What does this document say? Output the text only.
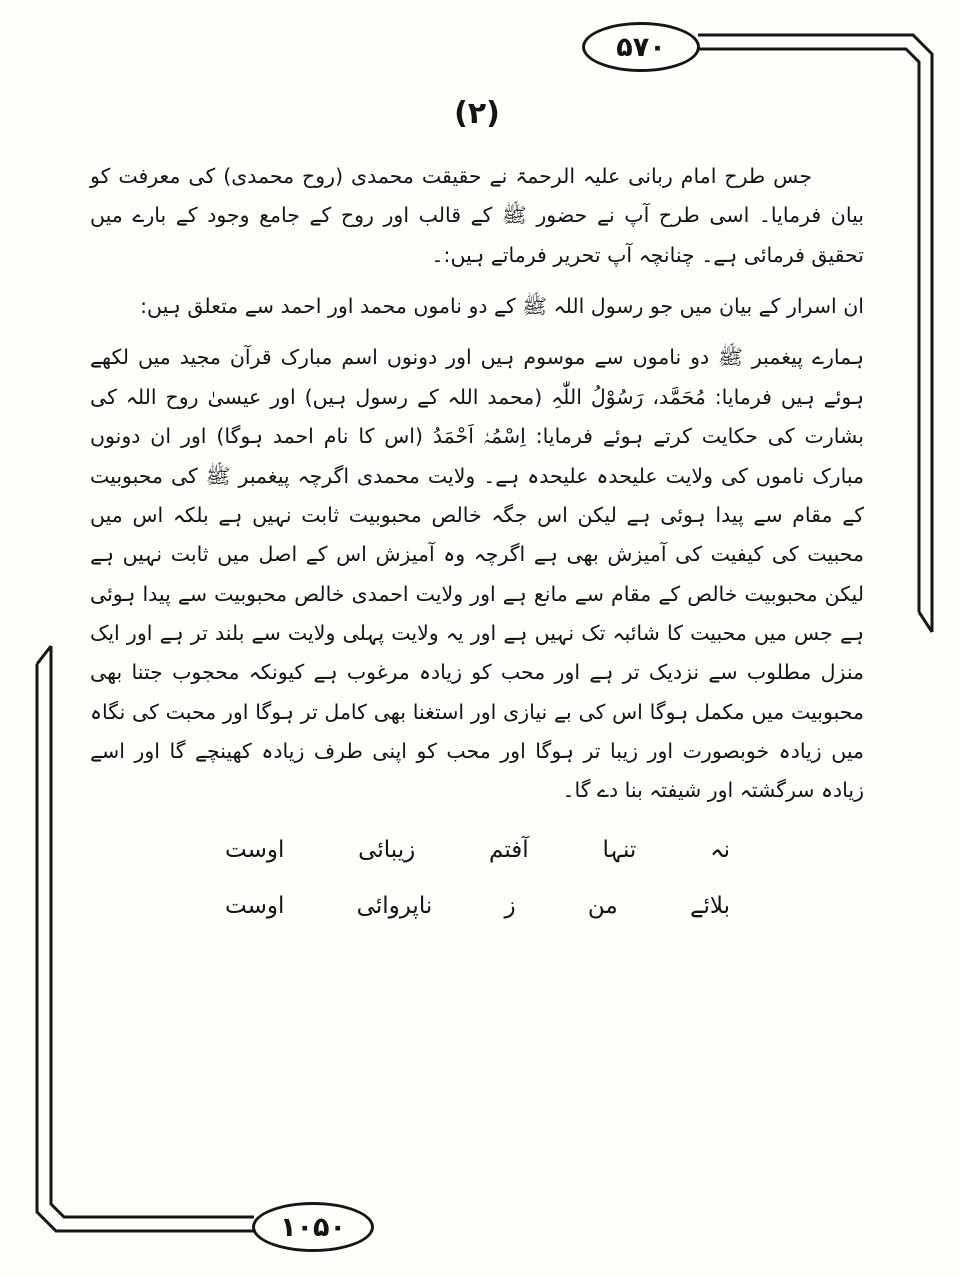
۵۷۰
۱۰۵۰
(۲)

جس طرح امام ربانی علیہ الرحمۃ نے حقیقت محمدی (روح محمدی) کی معرفت کو بیان فرمایا۔ اسی طرح آپ نے حضور ﷺ کے قالب اور روح کے جامع وجود کے بارے میں تحقیق فرمائی ہے۔ چنانچہ آپ تحریر فرماتے ہیں:۔

ان اسرار کے بیان میں جو رسول اللہ ﷺ کے دو ناموں محمد اور احمد سے متعلق ہیں:

ہمارے پیغمبر ﷺ دو ناموں سے موسوم ہیں اور دونوں اسم مبارک قرآن مجید میں لکھے ہوئے ہیں فرمایا: مُحَمَّد، رَسُوْلُ اللّٰہِ (محمد اللہ کے رسول ہیں) اور عیسیٰ روح اللہ کی بشارت کی حکایت کرتے ہوئے فرمایا: اِسْمُہٗ اَحْمَدُ (اس کا نام احمد ہوگا) اور ان دونوں مبارک ناموں کی ولایت علیحدہ علیحدہ ہے۔ ولایت محمدی اگرچہ پیغمبر ﷺ کی محبوبیت کے مقام سے پیدا ہوئی ہے لیکن اس جگہ خالص محبوبیت ثابت نہیں ہے بلکہ اس میں محبیت کی کیفیت کی آمیزش بھی ہے اگرچہ وہ آمیزش اس کے اصل میں ثابت نہیں ہے لیکن محبوبیت خالص کے مقام سے مانع ہے اور ولایت احمدی خالص محبوبیت سے پیدا ہوئی ہے جس میں محبیت کا شائبہ تک نہیں ہے اور یہ ولایت پہلی ولایت سے بلند تر ہے اور ایک منزل مطلوب سے نزدیک تر ہے اور محب کو زیادہ مرغوب ہے کیونکہ محجوب جتنا بھی محبوبیت میں مکمل ہوگا اس کی بے نیازی اور استغنا بھی کامل تر ہوگا اور محبت کی نگاہ میں زیادہ خوبصورت اور زیبا تر ہوگا اور محب کو اپنی طرف زیادہ کھینچے گا اور اسے زیادہ سرگشتہ اور شیفتہ بنا دے گا۔

نہ
تنہا
آفتم
زیبائی
اوست
بلائے
من
ز
ناپروائی
اوست
